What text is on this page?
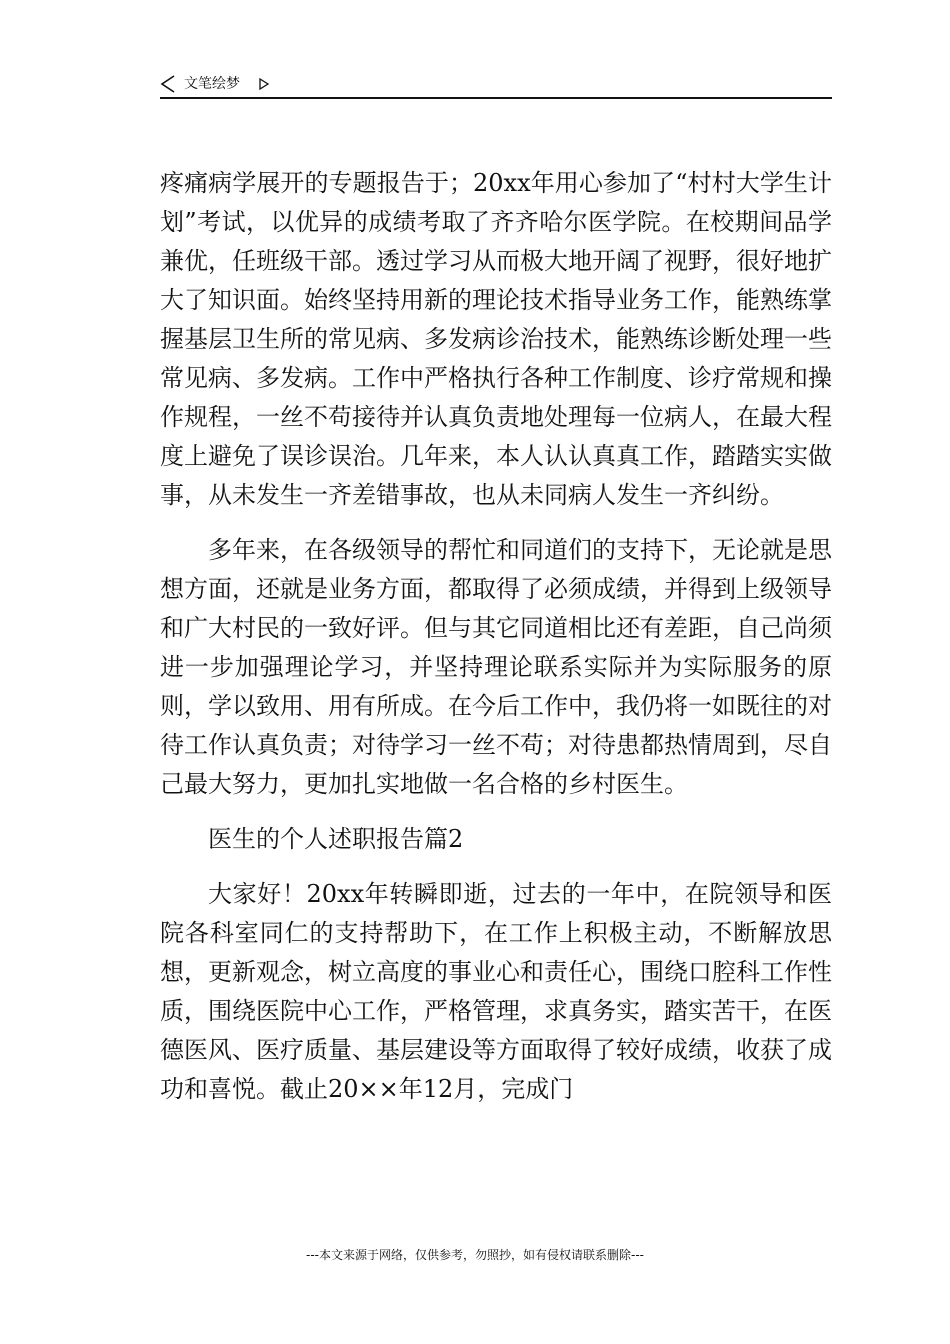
文笔绘梦

疼痛病学展开的专题报告于；20xx年用心参加了“村村大学生计划”考试，以优异的成绩考取了齐齐哈尔医学院。在校期间品学兼优，任班级干部。透过学习从而极大地开阔了视野，很好地扩大了知识面。始终坚持用新的理论技术指导业务工作，能熟练掌握基层卫生所的常见病、多发病诊治技术，能熟练诊断处理一些常见病、多发病。工作中严格执行各种工作制度、诊疗常规和操作规程，一丝不苟接待并认真负责地处理每一位病人，在最大程度上避免了误诊误治。几年来，本人认认真真工作，踏踏实实做事，从未发生一齐差错事故，也从未同病人发生一齐纠纷。

多年来，在各级领导的帮忙和同道们的支持下，无论就是思想方面，还就是业务方面，都取得了必须成绩，并得到上级领导和广大村民的一致好评。但与其它同道相比还有差距，自己尚须进一步加强理论学习，并坚持理论联系实际并为实际服务的原则，学以致用、用有所成。在今后工作中，我仍将一如既往的对待工作认真负责；对待学习一丝不苟；对待患都热情周到，尽自己最大努力，更加扎实地做一名合格的乡村医生。

医生的个人述职报告篇2

大家好！20xx年转瞬即逝，过去的一年中，在院领导和医院各科室同仁的支持帮助下，在工作上积极主动，不断解放思想，更新观念，树立高度的事业心和责任心，围绕口腔科工作性质，围绕医院中心工作，严格管理，求真务实，踏实苦干，在医德医风、医疗质量、基层建设等方面取得了较好成绩，收获了成功和喜悦。截止20××年12月，完成门

---本文来源于网络，仅供参考，勿照抄，如有侵权请联系删除---
